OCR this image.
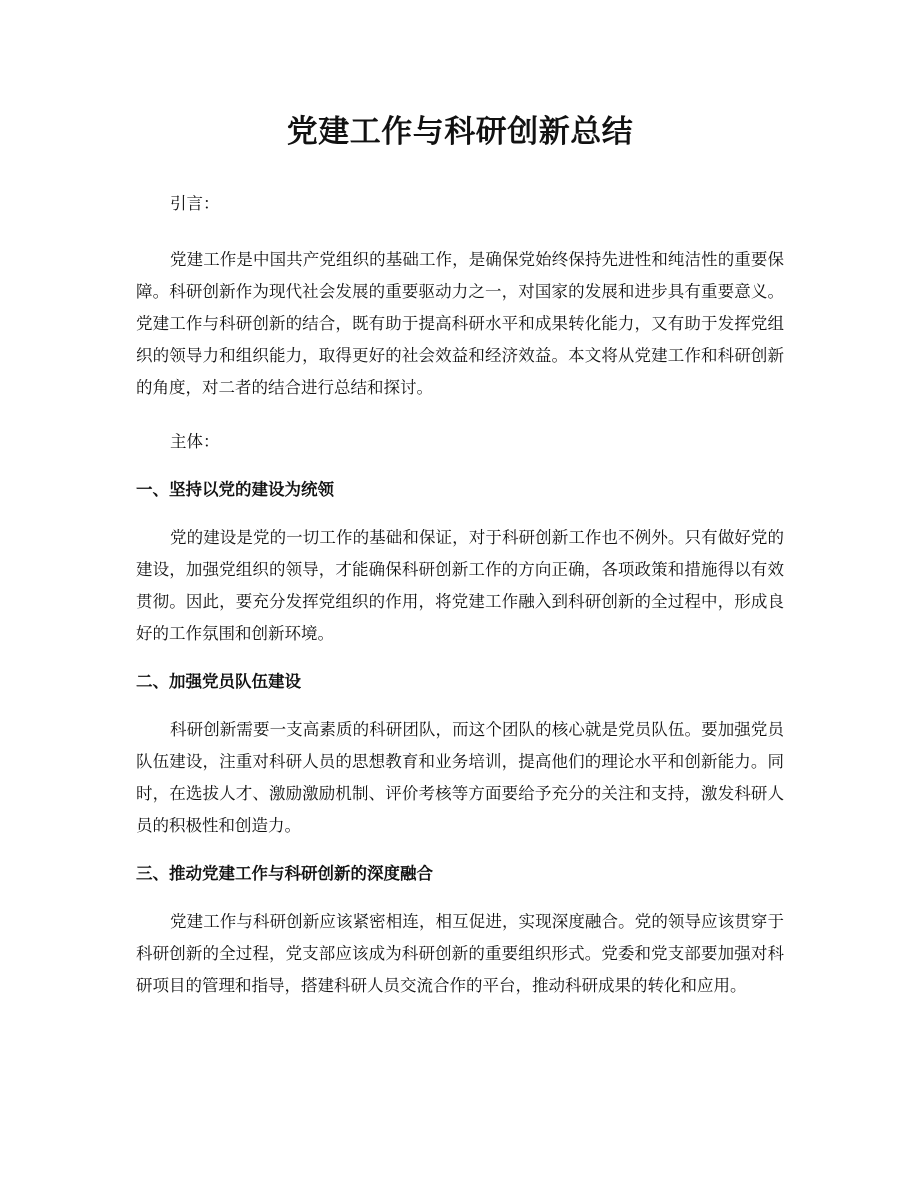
党建工作与科研创新总结

引言：

党建工作是中国共产党组织的基础工作，是确保党始终保持先进性和纯洁性的重要保障。科研创新作为现代社会发展的重要驱动力之一，对国家的发展和进步具有重要意义。党建工作与科研创新的结合，既有助于提高科研水平和成果转化能力，又有助于发挥党组织的领导力和组织能力，取得更好的社会效益和经济效益。本文将从党建工作和科研创新的角度，对二者的结合进行总结和探讨。

主体：

一、坚持以党的建设为统领

党的建设是党的一切工作的基础和保证，对于科研创新工作也不例外。只有做好党的建设，加强党组织的领导，才能确保科研创新工作的方向正确，各项政策和措施得以有效贯彻。因此，要充分发挥党组织的作用，将党建工作融入到科研创新的全过程中，形成良好的工作氛围和创新环境。

二、加强党员队伍建设

科研创新需要一支高素质的科研团队，而这个团队的核心就是党员队伍。要加强党员队伍建设，注重对科研人员的思想教育和业务培训，提高他们的理论水平和创新能力。同时，在选拔人才、激励激励机制、评价考核等方面要给予充分的关注和支持，激发科研人员的积极性和创造力。

三、推动党建工作与科研创新的深度融合

党建工作与科研创新应该紧密相连，相互促进，实现深度融合。党的领导应该贯穿于科研创新的全过程，党支部应该成为科研创新的重要组织形式。党委和党支部要加强对科研项目的管理和指导，搭建科研人员交流合作的平台，推动科研成果的转化和应用。
